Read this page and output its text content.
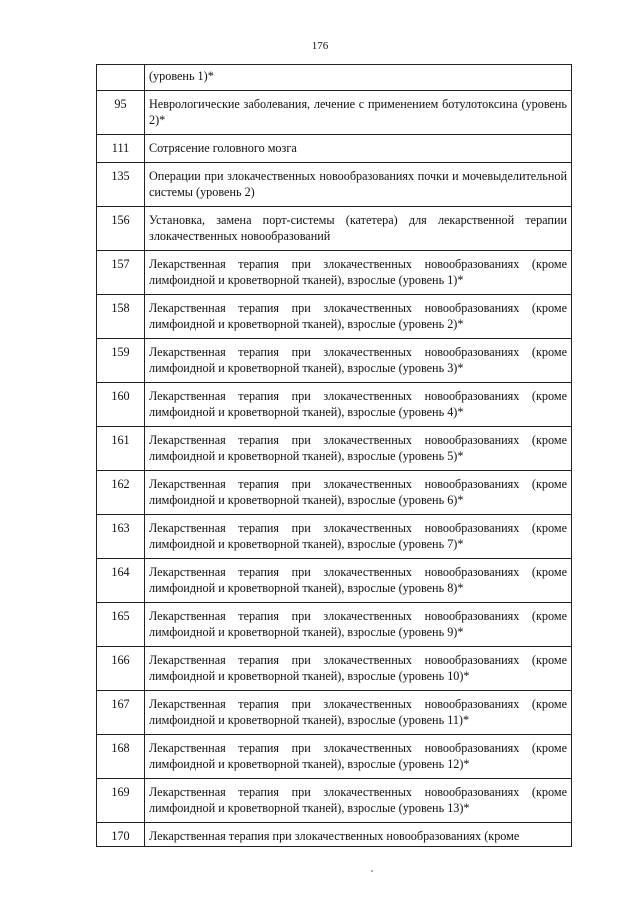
176
	(уровень 1)*
95	Неврологические заболевания, лечение с применением ботулотоксина (уровень 2)*
111	Сотрясение головного мозга
135	Операции при злокачественных новообразованиях почки и мочевыделительной системы (уровень 2)
156	Установка, замена порт-системы (катетера) для лекарственной терапии злокачественных новообразований
157	Лекарственная терапия при злокачественных новообразованиях (кроме лимфоидной и кроветворной тканей), взрослые (уровень 1)*
158	Лекарственная терапия при злокачественных новообразованиях (кроме лимфоидной и кроветворной тканей), взрослые (уровень 2)*
159	Лекарственная терапия при злокачественных новообразованиях (кроме лимфоидной и кроветворной тканей), взрослые (уровень 3)*
160	Лекарственная терапия при злокачественных новообразованиях (кроме лимфоидной и кроветворной тканей), взрослые (уровень 4)*
161	Лекарственная терапия при злокачественных новообразованиях (кроме лимфоидной и кроветворной тканей), взрослые (уровень 5)*
162	Лекарственная терапия при злокачественных новообразованиях (кроме лимфоидной и кроветворной тканей), взрослые (уровень 6)*
163	Лекарственная терапия при злокачественных новообразованиях (кроме лимфоидной и кроветворной тканей), взрослые (уровень 7)*
164	Лекарственная терапия при злокачественных новообразованиях (кроме лимфоидной и кроветворной тканей), взрослые (уровень 8)*
165	Лекарственная терапия при злокачественных новообразованиях (кроме лимфоидной и кроветворной тканей), взрослые (уровень 9)*
166	Лекарственная терапия при злокачественных новообразованиях (кроме лимфоидной и кроветворной тканей), взрослые (уровень 10)*
167	Лекарственная терапия при злокачественных новообразованиях (кроме лимфоидной и кроветворной тканей), взрослые (уровень 11)*
168	Лекарственная терапия при злокачественных новообразованиях (кроме лимфоидной и кроветворной тканей), взрослые (уровень 12)*
169	Лекарственная терапия при злокачественных новообразованиях (кроме лимфоидной и кроветворной тканей), взрослые (уровень 13)*
170	Лекарственная терапия при злокачественных новообразованиях (кроме
